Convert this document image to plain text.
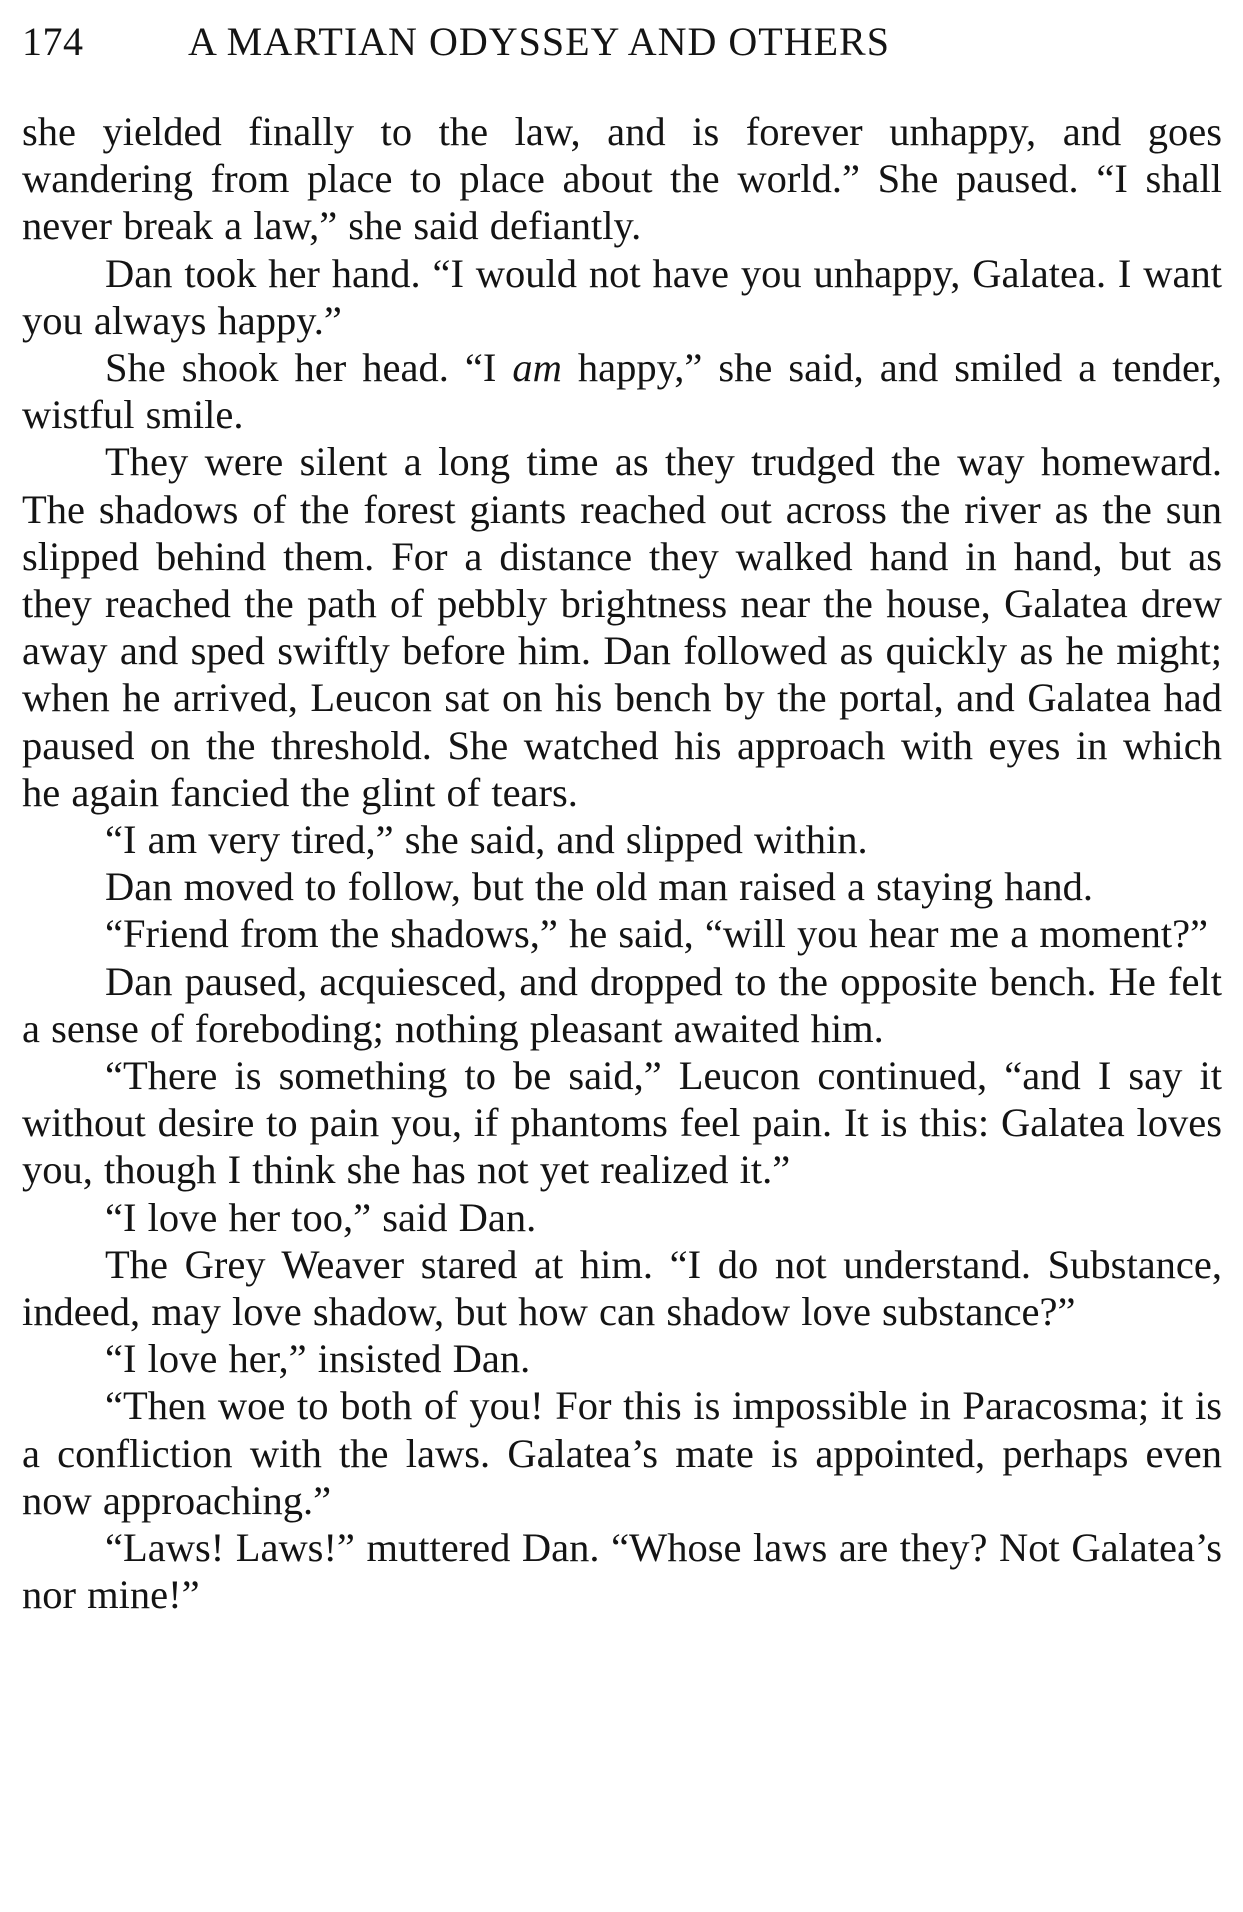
174	A MARTIAN ODYSSEY AND OTHERS

she yielded finally to the law, and is forever unhappy, and goes wandering from place to place about the world.” She paused. “I shall never break a law,” she said defiantly.

Dan took her hand. “I would not have you unhappy, Galatea. I want you always happy.”

She shook her head. “I am happy,” she said, and smiled a tender, wistful smile.

They were silent a long time as they trudged the way homeward. The shadows of the forest giants reached out across the river as the sun slipped behind them. For a distance they walked hand in hand, but as they reached the path of pebbly brightness near the house, Galatea drew away and sped swiftly before him. Dan followed as quickly as he might; when he arrived, Leucon sat on his bench by the portal, and Galatea had paused on the threshold. She watched his approach with eyes in which he again fancied the glint of tears.

“I am very tired,” she said, and slipped within.

Dan moved to follow, but the old man raised a staying hand.

“Friend from the shadows,” he said, “will you hear me a moment?”

Dan paused, acquiesced, and dropped to the opposite bench. He felt a sense of foreboding; nothing pleasant awaited him.

“There is something to be said,” Leucon continued, “and I say it without desire to pain you, if phantoms feel pain. It is this: Galatea loves you, though I think she has not yet realized it.”

“I love her too,” said Dan.

The Grey Weaver stared at him. “I do not understand. Substance, indeed, may love shadow, but how can shadow love substance?”

“I love her,” insisted Dan.

“Then woe to both of you! For this is impossible in Paracosma; it is a confliction with the laws. Galatea’s mate is appointed, perhaps even now approaching.”

“Laws! Laws!” muttered Dan. “Whose laws are they? Not Galatea’s nor mine!”
